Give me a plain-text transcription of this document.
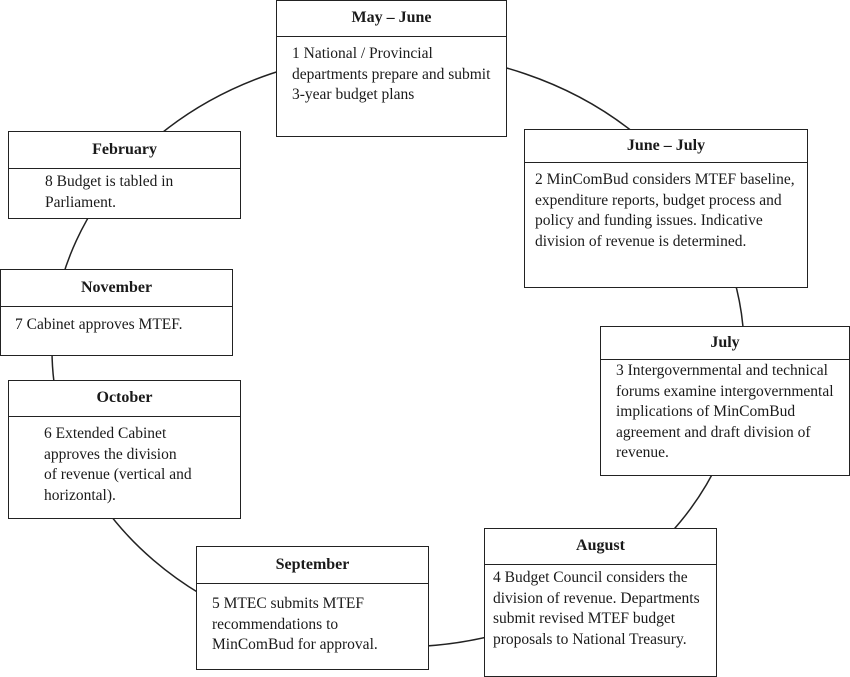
May – June
1 National / Provincial departments prepare and submit 3-year budget plans
June – July
2 MinComBud considers MTEF baseline, expenditure reports, budget process and policy and funding issues. Indicative division of revenue is determined.
July
3 Intergovernmental and technical forums examine intergovernmental implications of MinComBud agreement and draft division of revenue.
August
4 Budget Council considers the division of revenue. Departments submit revised MTEF budget proposals to National Treasury.
September
5 MTEC submits MTEF recommendations to MinComBud for approval.
October
6 Extended Cabinet approves the division of revenue (vertical and horizontal).
November
7 Cabinet approves MTEF.
February
8 Budget is tabled in Parliament.
